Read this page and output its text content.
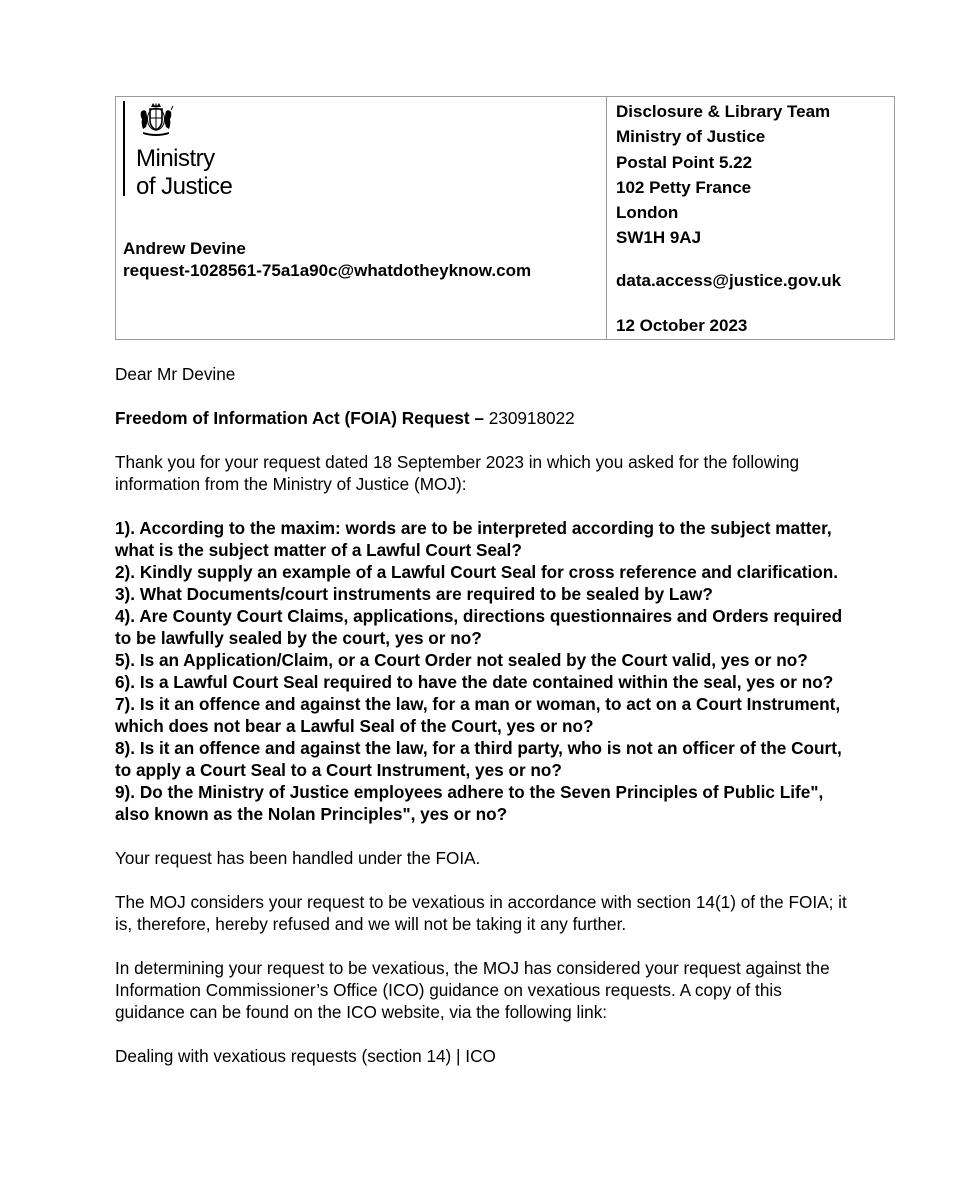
Ministry
of Justice
Andrew Devine
request-1028561-75a1a90c@whatdotheyknow.com
Disclosure & Library Team
Ministry of Justice
Postal Point 5.22
102 Petty France
London
SW1H 9AJ
data.access@justice.gov.uk
12 October 2023

Dear Mr Devine

Freedom of Information Act (FOIA) Request – 230918022

Thank you for your request dated 18 September 2023 in which you asked for the following information from the Ministry of Justice (MOJ):

1). According to the maxim: words are to be interpreted according to the subject matter, what is the subject matter of a Lawful Court Seal?
2). Kindly supply an example of a Lawful Court Seal for cross reference and clarification.
3). What Documents/court instruments are required to be sealed by Law?
4). Are County Court Claims, applications, directions questionnaires and Orders required to be lawfully sealed by the court, yes or no?
5). Is an Application/Claim, or a Court Order not sealed by the Court valid, yes or no?
6). Is a Lawful Court Seal required to have the date contained within the seal, yes or no?
7). Is it an offence and against the law, for a man or woman, to act on a Court Instrument, which does not bear a Lawful Seal of the Court, yes or no?
8). Is it an offence and against the law, for a third party, who is not an officer of the Court, to apply a Court Seal to a Court Instrument, yes or no?
9). Do the Ministry of Justice employees adhere to the Seven Principles of Public Life", also known as the Nolan Principles", yes or no?

Your request has been handled under the FOIA.

The MOJ considers your request to be vexatious in accordance with section 14(1) of the FOIA; it is, therefore, hereby refused and we will not be taking it any further.

In determining your request to be vexatious, the MOJ has considered your request against the Information Commissioner’s Office (ICO) guidance on vexatious requests. A copy of this guidance can be found on the ICO website, via the following link:

Dealing with vexatious requests (section 14) | ICO
